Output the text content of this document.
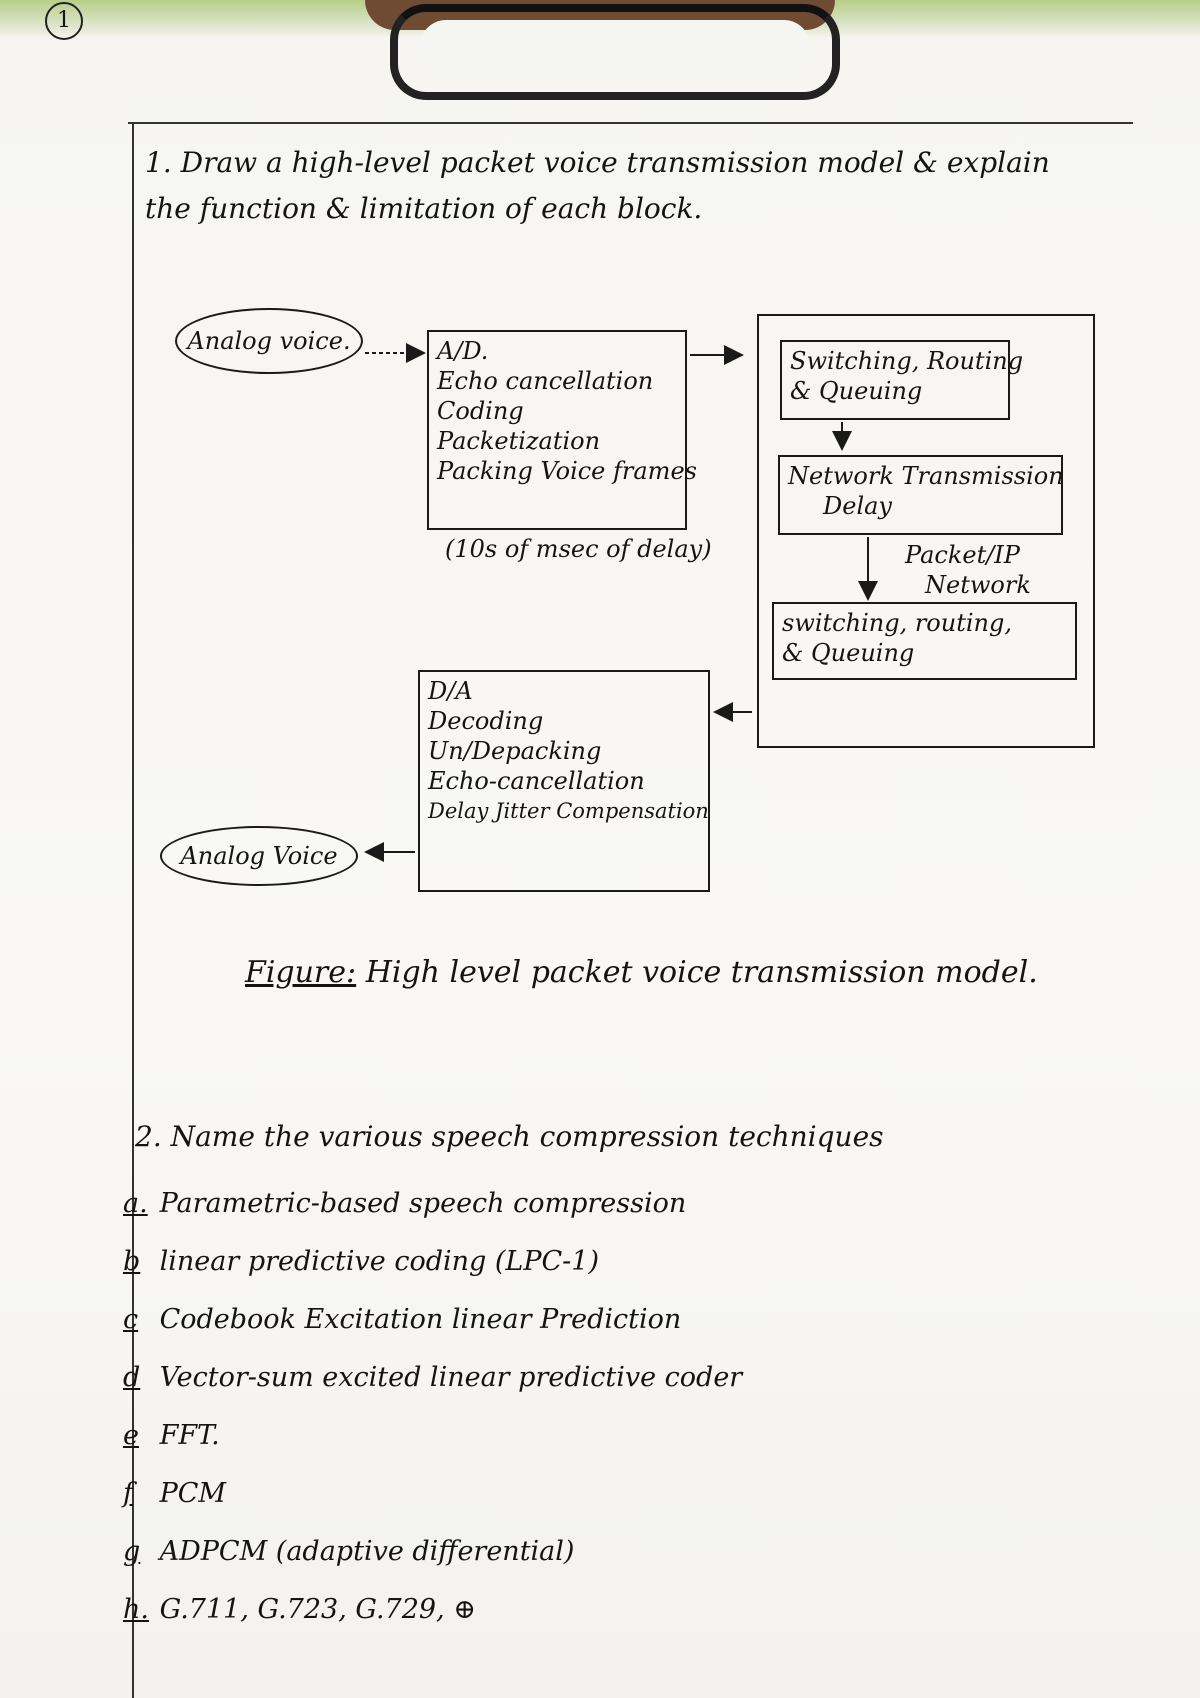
1
1. Draw a high-level packet voice transmission model & explain
the function & limitation of each block.
Analog voice.	A/D.
Echo cancellation
Coding
Packetization
Packing Voice frames
(10s of msec of delay)
Switching, Routing
& Queuing
Network Transmission
Delay
Packet/IP
Network
switching, routing,
& Queuing
D/A
Decoding
Un/Depacking
Echo-cancellation
Delay Jitter Compensation
Analog Voice
Figure: High level packet voice transmission model.
2. Name the various speech compression techniques
a. Parametric-based speech compression
b linear predictive coding (LPC-1)
c Codebook Excitation linear Prediction
d Vector-sum excited linear predictive coder
e FFT.
f PCM
g ADPCM (adaptive differential)
h. G.711, G.723, G.729, ⊕
